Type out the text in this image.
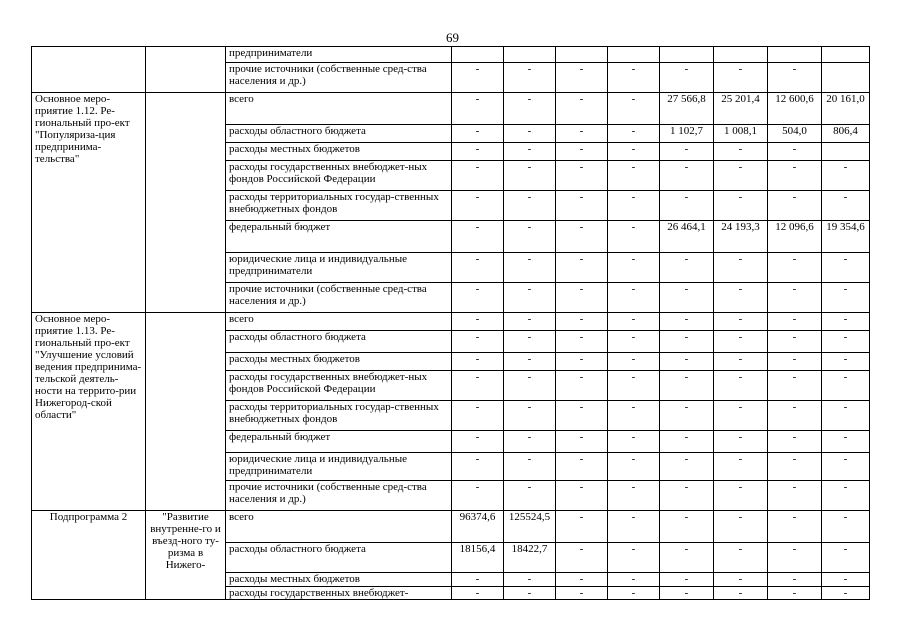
69
		предприниматели								
		прочие источники (собственные сред-ства населения и др.)	-	-	-	-	-	-	-	
Основное меро-приятие 1.12. Ре-гиональный про-ект "Популяриза-ция предпринима-тельства"		всего	-	-	-	-	27 566,8	25 201,4	12 600,6	20 161,0
		расходы областного бюджета	-	-	-	-	1 102,7	1 008,1	504,0	806,4
		расходы местных бюджетов	-	-	-	-	-	-	-	
		расходы государственных внебюджет-ных фондов Российской Федерации	-	-	-	-	-	-	-	-
		расходы территориальных государ-ственных внебюджетных фондов	-	-	-	-	-	-	-	-
		федеральный бюджет	-	-	-	-	26 464,1	24 193,3	12 096,6	19 354,6
		юридические лица и индивидуальные предприниматели	-	-	-	-	-	-	-	-
		прочие источники (собственные сред-ства населения и др.)	-	-	-	-	-	-	-	-
Основное меро-приятие 1.13. Ре-гиональный про-ект "Улучшение условий ведения предпринима-тельской деятель-ности на террито-рии Нижегород-ской области"		всего	-	-	-	-	-	-	-	-
		расходы областного бюджета	-	-	-	-	-	-	-	-
		расходы местных бюджетов	-	-	-	-	-	-	-	-
		расходы государственных внебюджет-ных фондов Российской Федерации	-	-	-	-	-	-	-	-
		расходы территориальных государ-ственных внебюджетных фондов	-	-	-	-	-	-	-	-
		федеральный бюджет	-	-	-	-	-	-	-	-
		юридические лица и индивидуальные предприниматели	-	-	-	-	-	-	-	-
		прочие источники (собственные сред-ства населения и др.)	-	-	-	-	-	-	-	-
Подпрограмма 2	"Развитие внутренне-го и въезд-ного ту-ризма в Нижего-	всего	96374,6	125524,5	-	-	-	-	-	-
		расходы областного бюджета	18156,4	18422,7	-	-	-	-	-	-
		расходы местных бюджетов	-	-	-	-	-	-	-	-
		расходы государственных внебюджет-	-	-	-	-	-	-	-	-
